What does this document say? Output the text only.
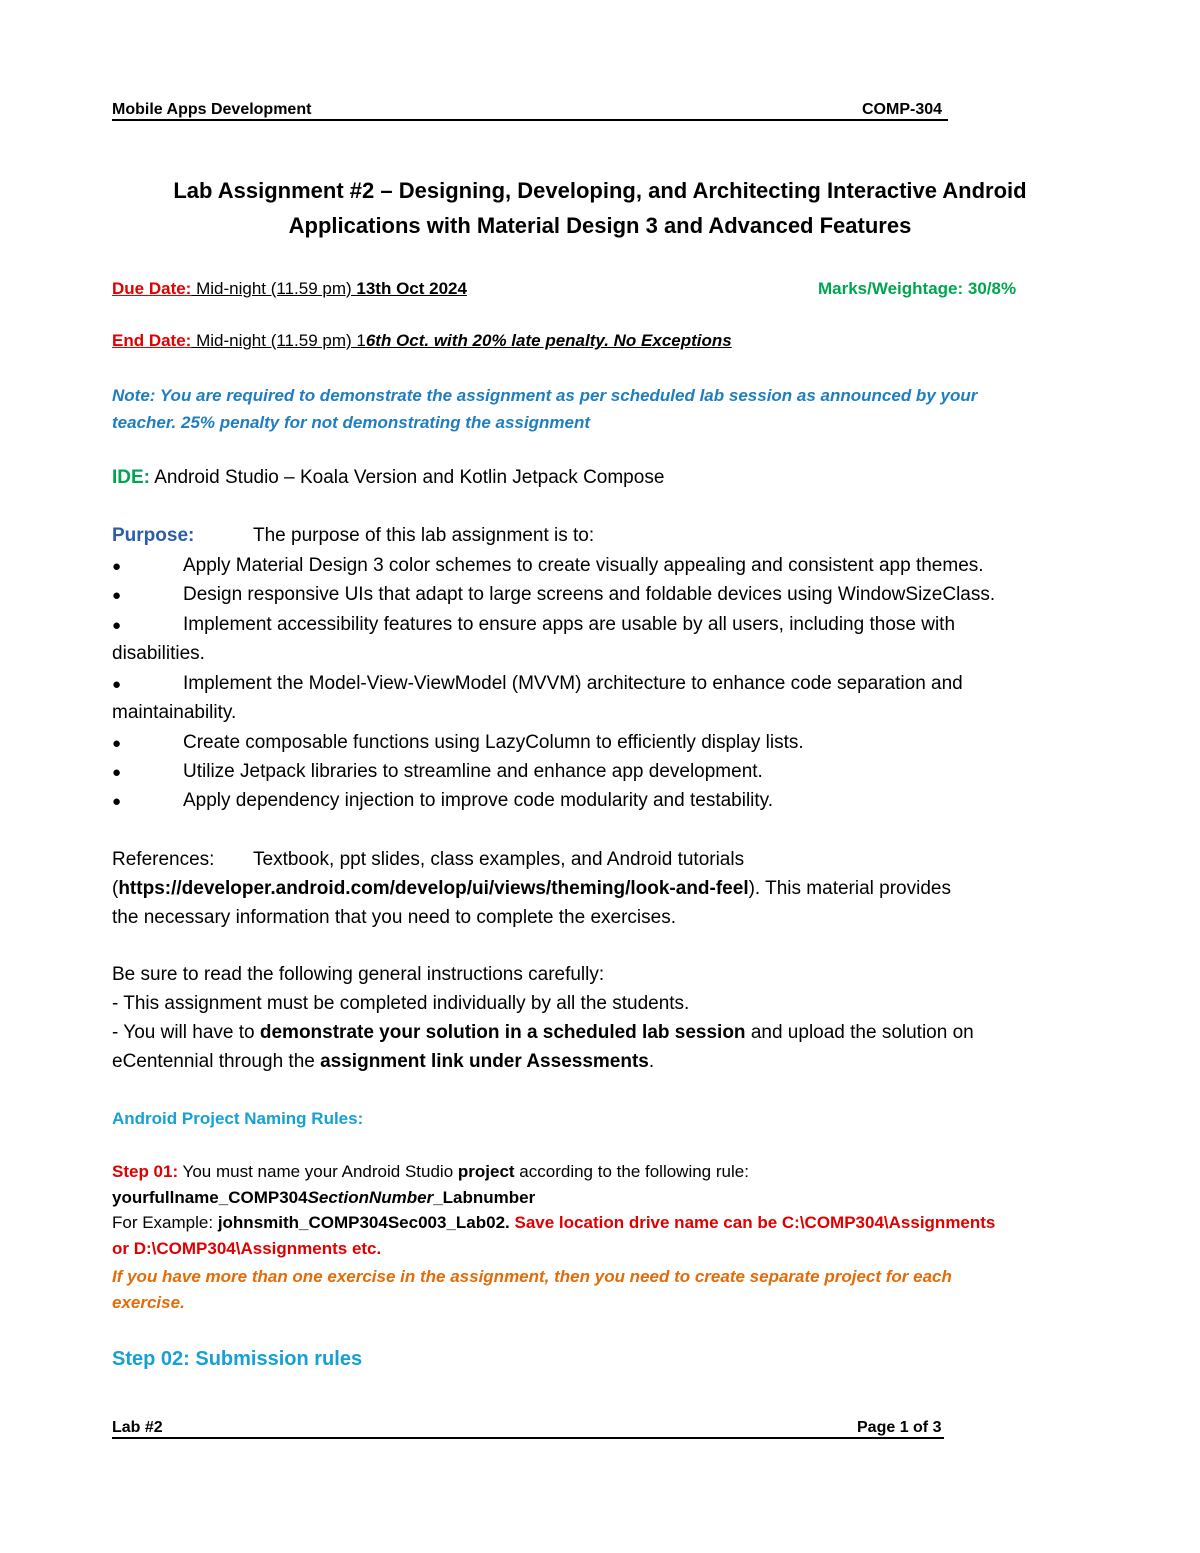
Mobile Apps Development	COMP-304
Lab Assignment #2 – Designing, Developing, and Architecting Interactive Android
Applications with Material Design 3 and Advanced Features
Due Date: Mid-night (11.59 pm) 13th Oct 2024	Marks/Weightage: 30/8%
End Date: Mid-night (11.59 pm) 16th Oct. with 20% late penalty. No Exceptions
Note: You are required to demonstrate the assignment as per scheduled lab session as announced by your
teacher. 25% penalty for not demonstrating the assignment
IDE: Android Studio – Koala Version and Kotlin Jetpack Compose
Purpose:	The purpose of this lab assignment is to:
●	Apply Material Design 3 color schemes to create visually appealing and consistent app themes.
●	Design responsive UIs that adapt to large screens and foldable devices using WindowSizeClass.
●	Implement accessibility features to ensure apps are usable by all users, including those with
disabilities.
●	Implement the Model-View-ViewModel (MVVM) architecture to enhance code separation and
maintainability.
●	Create composable functions using LazyColumn to efficiently display lists.
●	Utilize Jetpack libraries to streamline and enhance app development.
●	Apply dependency injection to improve code modularity and testability.
References: Textbook, ppt slides, class examples, and Android tutorials
(https://developer.android.com/develop/ui/views/theming/look-and-feel). This material provides
the necessary information that you need to complete the exercises.
Be sure to read the following general instructions carefully:
- This assignment must be completed individually by all the students.
- You will have to demonstrate your solution in a scheduled lab session and upload the solution on
eCentennial through the assignment link under Assessments.
Android Project Naming Rules:
Step 01: You must name your Android Studio project according to the following rule:
yourfullname_COMP304SectionNumber_Labnumber
For Example: johnsmith_COMP304Sec003_Lab02. Save location drive name can be C:\COMP304\Assignments
or D:\COMP304\Assignments etc.
If you have more than one exercise in the assignment, then you need to create separate project for each
exercise.
Step 02: Submission rules
Lab #2	Page 1 of 3
